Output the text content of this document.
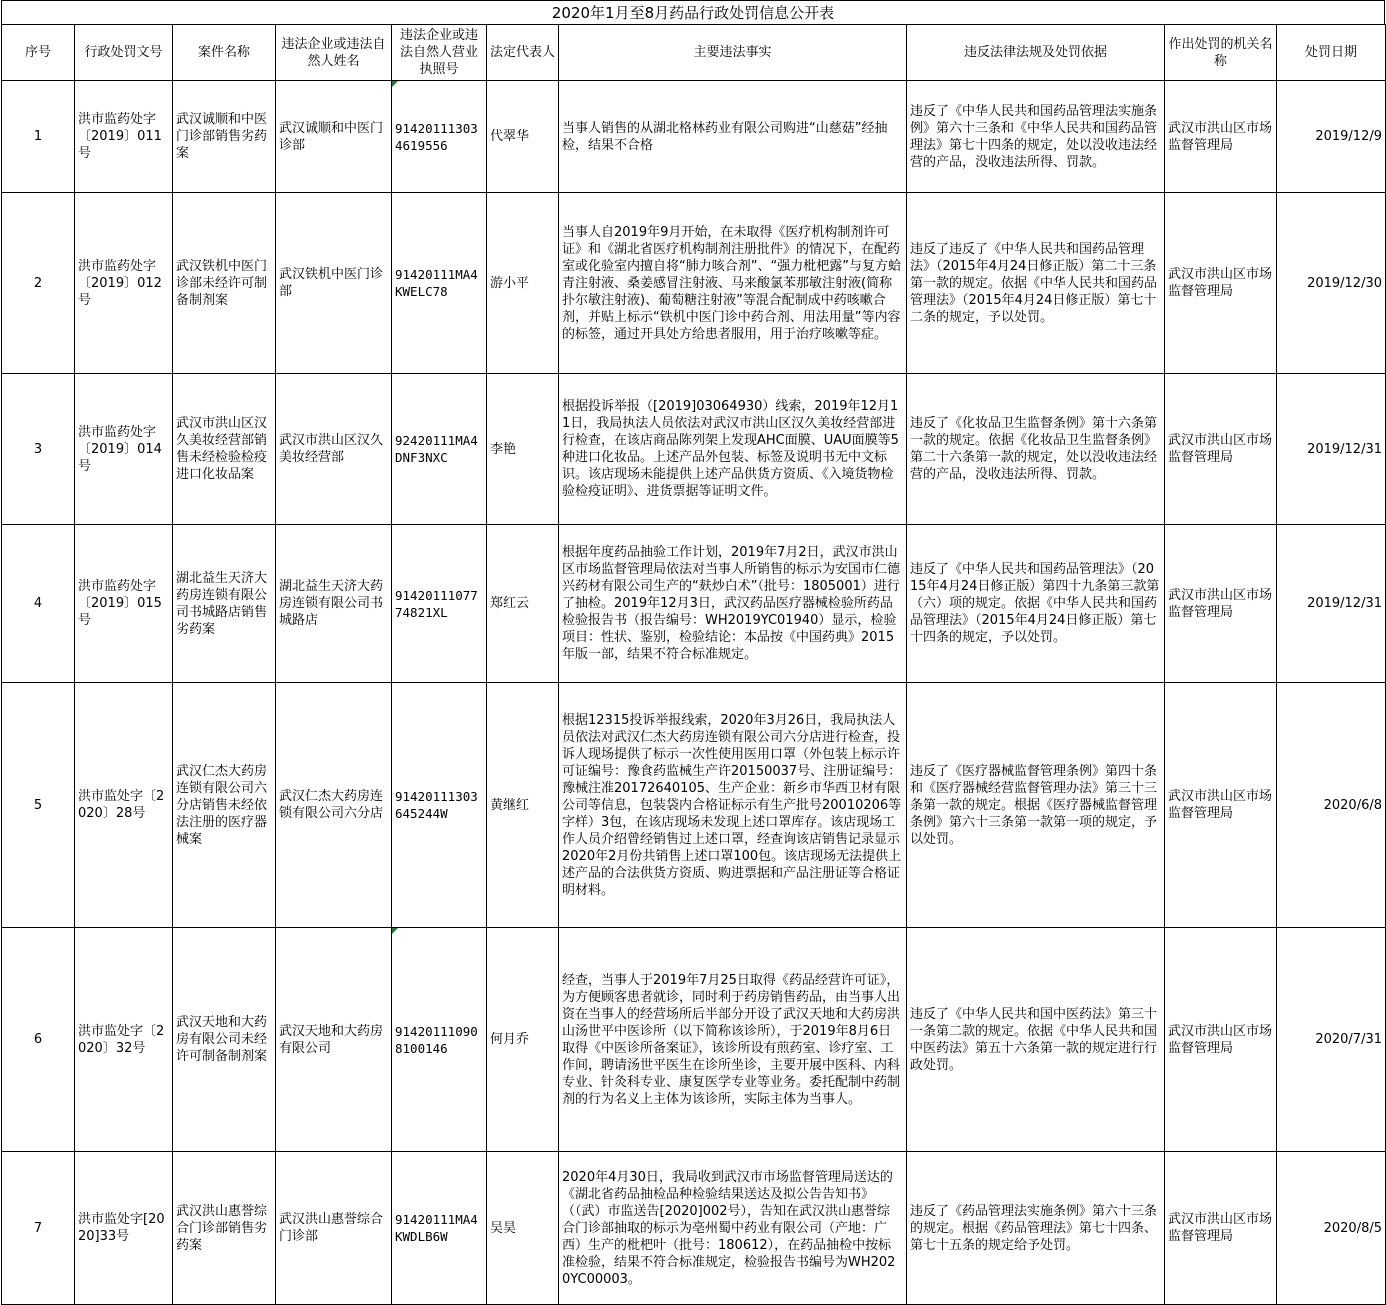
2020年1月至8月药品行政处罚信息公开表
序号	行政处罚文号	案件名称	违法企业或违法自然人姓名	违法企业或违法自然人营业执照号	法定代表人	主要违法事实	违反法律法规及处罚依据	作出处罚的机关名称	处罚日期
1	洪市监药处字〔2019〕011号	武汉诚顺和中医门诊部销售劣药案	武汉诚顺和中医门诊部	914201113034619556	代翠华	当事人销售的从湖北格林药业有限公司购进“山慈菇”经抽检，结果不合格	违反了《中华人民共和国药品管理法实施条例》第六十三条和《中华人民共和国药品管理法》第七十四条的规定，处以没收违法经营的产品，没收违法所得、罚款。	武汉市洪山区市场监督管理局	2019/12/9
2	洪市监药处字〔2019〕012号	武汉铁机中医门诊部未经许可制备制剂案	武汉铁机中医门诊部	91420111MA4KWELC78	游小平	当事人自2019年9月开始，在未取得《医疗机构制剂许可证》和《湖北省医疗机构制剂注册批件》的情况下，在配药室或化验室内擅自将“肺力咳合剂”、“强力枇杷露”与复方蛤青注射液、桑姜感冒注射液、马来酸氯苯那敏注射液(简称扑尔敏注射液)、葡萄糖注射液”等混合配制成中药咳嗽合剂，并贴上标示“铁机中医门诊中药合剂、用法用量”等内容的标签，通过开具处方给患者服用，用于治疗咳嗽等症。	违反了违反了《中华人民共和国药品管理法》（2015年4月24日修正版）第二十三条第一款的规定。依据《中华人民共和国药品管理法》（2015年4月24日修正版）第七十二条的规定，予以处罚。	武汉市洪山区市场监督管理局	2019/12/30
3	洪市监药处字〔2019〕014号	武汉市洪山区汉久美妆经营部销售未经检验检疫进口化妆品案	武汉市洪山区汉久美妆经营部	92420111MA4DNF3NXC	李艳	根据投诉举报（[2019]03064930）线索，2019年12月11日，我局执法人员依法对武汉市洪山区汉久美妆经营部进行检查，在该店商品陈列架上发现AHC面膜、UAU面膜等5种进口化妆品。上述产品外包装、标签及说明书无中文标识。该店现场未能提供上述产品供货方资质、《入境货物检验检疫证明》、进货票据等证明文件。	违反了《化妆品卫生监督条例》第十六条第一款的规定。依据《化妆品卫生监督条例》第二十六条第一款的规定，处以没收违法经营的产品，没收违法所得、罚款。	武汉市洪山区市场监督管理局	2019/12/31
4	洪市监药处字〔2019〕015号	湖北益生天济大药房连锁有限公司书城路店销售劣药案	湖北益生天济大药房连锁有限公司书城路店	9142011107774821XL	郑红云	根据年度药品抽验工作计划，2019年7月2日，武汉市洪山区市场监督管理局依法对当事人所销售的标示为安国市仁德兴药材有限公司生产的“麸炒白术”（批号：1805001）进行了抽检。2019年12月3日，武汉药品医疗器械检验所药品检验报告书（报告编号：WH2019YC01940）显示，检验项目：性状、鉴别，检验结论：本品按《中国药典》2015年版一部，结果不符合标准规定。	违反了《中华人民共和国药品管理法》（2015年4月24日修正版）第四十九条第三款第（六）项的规定。依据《中华人民共和国药品管理法》（2015年4月24日修正版）第七十四条的规定，予以处罚。	武汉市洪山区市场监督管理局	2019/12/31
5	洪市监处字〔2020〕28号	武汉仁杰大药房连锁有限公司六分店销售未经依法注册的医疗器械案	武汉仁杰大药房连锁有限公司六分店	91420111303645244W	黄继红	根据12315投诉举报线索，2020年3月26日，我局执法人员依法对武汉仁杰大药房连锁有限公司六分店进行检查，投诉人现场提供了标示一次性使用医用口罩（外包装上标示许可证编号：豫食药监械生产许20150037号、注册证编号：豫械注准20172640105、生产企业：新乡市华西卫材有限公司等信息，包装袋内合格证标示有生产批号20010206等字样）3包，在该店现场未发现上述口罩库存。该店现场工作人员介绍曾经销售过上述口罩，经查询该店销售记录显示2020年2月份共销售上述口罩100包。该店现场无法提供上述产品的合法供货方资质、购进票据和产品注册证等合格证明材料。	违反了《医疗器械监督管理条例》第四十条和《医疗器械经营监督管理办法》第三十三条第一款的规定。根据《医疗器械监督管理条例》第六十三条第一款第一项的规定，予以处罚。	武汉市洪山区市场监督管理局	2020/6/8
6	洪市监处字〔2020〕32号	武汉天地和大药房有限公司未经许可制备制剂案	武汉天地和大药房有限公司	914201110908100146	何月乔	经查，当事人于2019年7月25日取得《药品经营许可证》，为方便顾客患者就诊，同时利于药房销售药品，由当事人出资在当事人的经营场所后半部分开设了武汉天地和大药房洪山汤世平中医诊所（以下简称该诊所），于2019年8月6日取得《中医诊所备案证》，该诊所设有煎药室、诊疗室、工作间，聘请汤世平医生在诊所坐诊，主要开展中医科、内科专业、针灸科专业、康复医学专业等业务。委托配制中药制剂的行为名义上主体为该诊所，实际主体为当事人。	违反了《中华人民共和国中医药法》第三十一条第二款的规定。依据《中华人民共和国中医药法》第五十六条第一款的规定进行行政处罚。	武汉市洪山区市场监督管理局	2020/7/31
7	洪市监处字[2020]33号	武汉洪山惠誉综合门诊部销售劣药案	武汉洪山惠誉综合门诊部	91420111MA4KWDLB6W	吴昊	2020年4月30日，我局收到武汉市市场监督管理局送达的《湖北省药品抽检品种检验结果送达及拟公告告知书》（（武）市监送告[2020]002号），告知在武汉洪山惠誉综合门诊部抽取的标示为亳州蜀中药业有限公司（产地：广西）生产的枇杷叶（批号：180612），在药品抽检中按标准检验，结果不符合标准规定，检验报告书编号为WH2020YC00003。	违反了《药品管理法实施条例》第六十三条的规定。根据《药品管理法》第七十四条、第七十五条的规定给予处罚。	武汉市洪山区市场监督管理局	2020/8/5
